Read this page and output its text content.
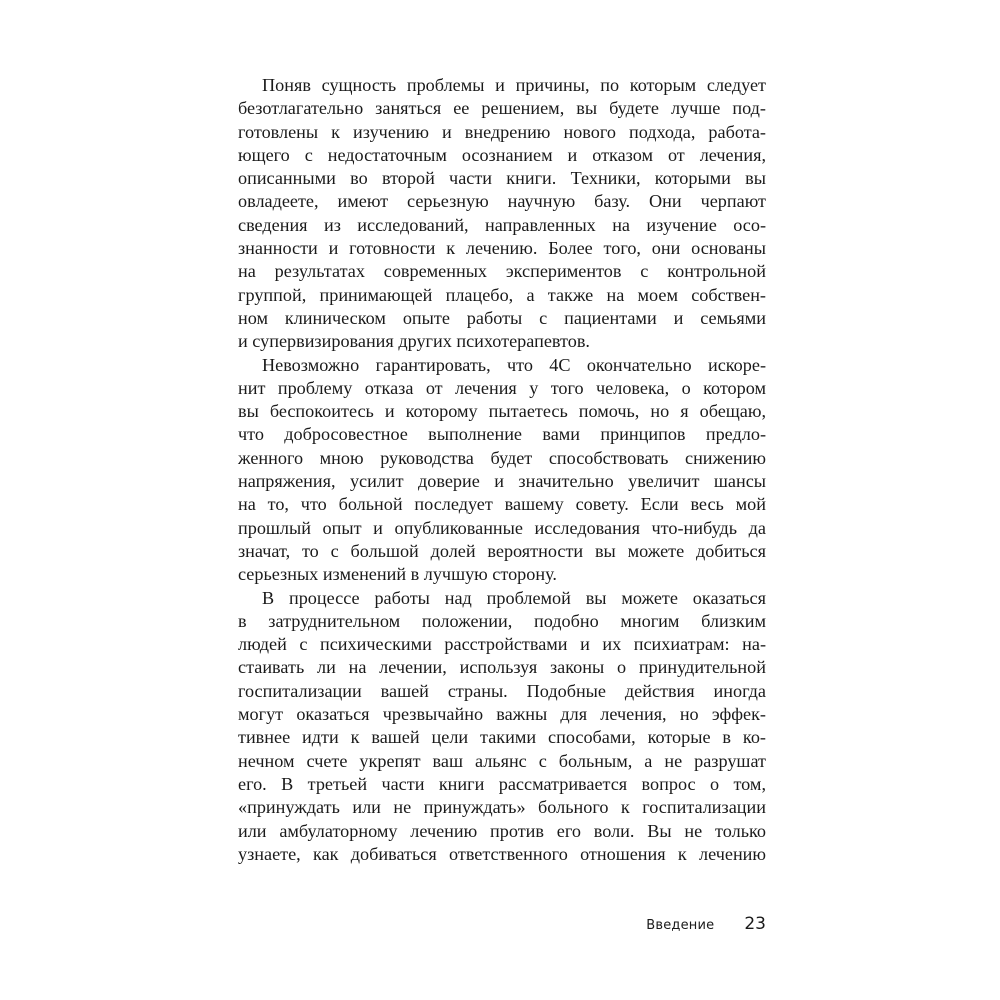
Поняв сущность проблемы и причины, по которым следует
безотлагательно заняться ее решением, вы будете лучше под-
готовлены к изучению и внедрению нового подхода, работа-
ющего с недостаточным осознанием и отказом от лечения,
описанными во второй части книги. Техники, которыми вы
овладеете, имеют серьезную научную базу. Они черпают
сведения из исследований, направленных на изучение осо-
знанности и готовности к лечению. Более того, они основаны
на результатах современных экспериментов с контрольной
группой, принимающей плацебо, а также на моем собствен-
ном клиническом опыте работы с пациентами и семьями
и супервизирования других психотерапевтов.
Невозможно гарантировать, что 4С окончательно искоре-
нит проблему отказа от лечения у того человека, о котором
вы беспокоитесь и которому пытаетесь помочь, но я обещаю,
что добросовестное выполнение вами принципов предло-
женного мною руководства будет способствовать снижению
напряжения, усилит доверие и значительно увеличит шансы
на то, что больной последует вашему совету. Если весь мой
прошлый опыт и опубликованные исследования что-нибудь да
значат, то с большой долей вероятности вы можете добиться
серьезных изменений в лучшую сторону.
В процессе работы над проблемой вы можете оказаться
в затруднительном положении, подобно многим близким
людей с психическими расстройствами и их психиатрам: на-
стаивать ли на лечении, используя законы о принудительной
госпитализации вашей страны. Подобные действия иногда
могут оказаться чрезвычайно важны для лечения, но эффек-
тивнее идти к вашей цели такими способами, которые в ко-
нечном счете укрепят ваш альянс с больным, а не разрушат
его. В третьей части книги рассматривается вопрос о том,
«принуждать или не принуждать» больного к госпитализации
или амбулаторному лечению против его воли. Вы не только
узнаете, как добиваться ответственного отношения к лечению
Введение 23
